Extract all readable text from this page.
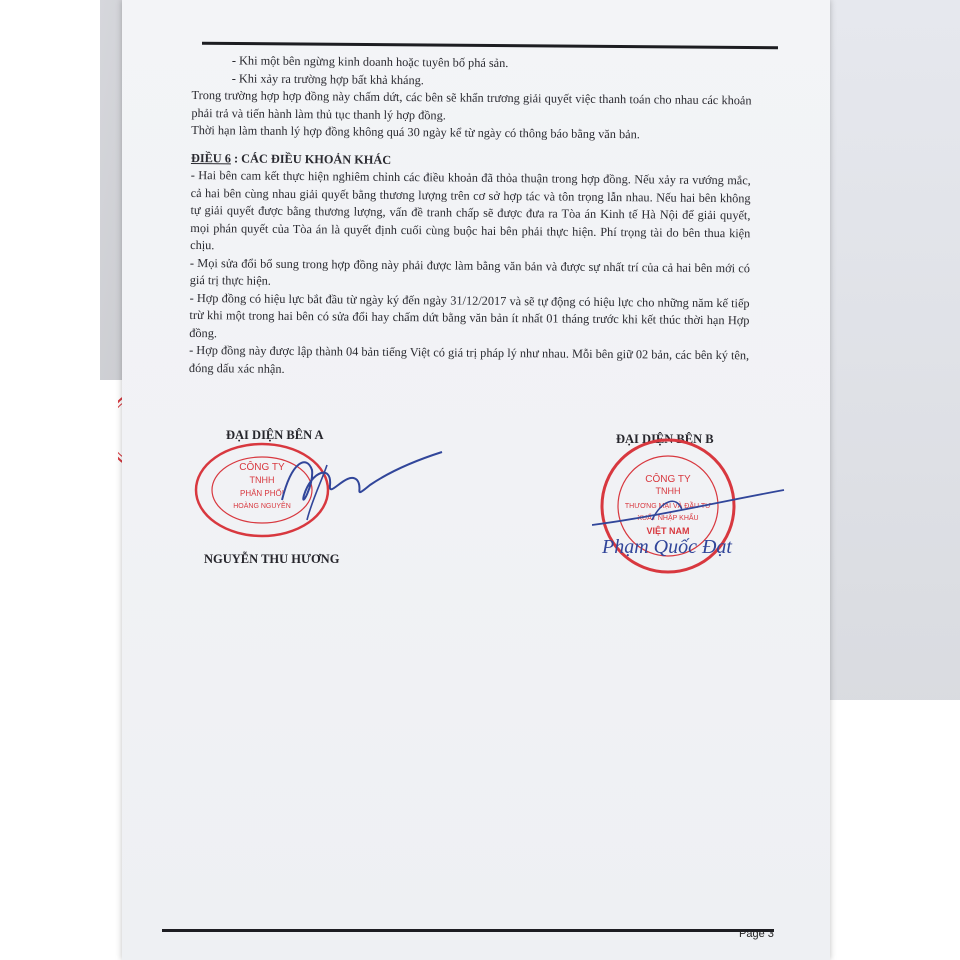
- Khi một bên ngừng kinh doanh hoặc tuyên bố phá sản.

- Khi xảy ra trường hợp bất khả kháng.

Trong trường hợp hợp đồng này chấm dứt, các bên sẽ khẩn trương giải quyết việc thanh toán cho nhau các khoản phải trả và tiến hành làm thủ tục thanh lý hợp đồng.

Thời hạn làm thanh lý hợp đồng không quá 30 ngày kể từ ngày có thông báo bằng văn bản.

ĐIỀU 6 : CÁC ĐIỀU KHOẢN KHÁC

- Hai bên cam kết thực hiện nghiêm chỉnh các điều khoản đã thỏa thuận trong hợp đồng. Nếu xảy ra vướng mắc, cả hai bên cùng nhau giải quyết bằng thương lượng trên cơ sở hợp tác và tôn trọng lẫn nhau. Nếu hai bên không tự giải quyết được bằng thương lượng, vấn đề tranh chấp sẽ được đưa ra Tòa án Kinh tế Hà Nội để giải quyết, mọi phán quyết của Tòa án là quyết định cuối cùng buộc hai bên phải thực hiện. Phí trọng tài do bên thua kiện chịu.

- Mọi sửa đổi bổ sung trong hợp đồng này phải được làm bằng văn bản và được sự nhất trí của cả hai bên mới có giá trị thực hiện.

- Hợp đồng có hiệu lực bắt đầu từ ngày ký đến ngày 31/12/2017 và sẽ tự động có hiệu lực cho những năm kế tiếp trừ khi một trong hai bên có sửa đổi hay chấm dứt bằng văn bản ít nhất 01 tháng trước khi kết thúc thời hạn Hợp đồng.

- Hợp đồng này được lập thành 04 bản tiếng Việt có giá trị pháp lý như nhau. Mỗi bên giữ 02 bản, các bên ký tên, đóng dấu xác nhận.

ĐẠI DIỆN BÊN A	ĐẠI DIỆN BÊN B
CÔNG TY
TNHH
PHÂN PHỐI
HOÀNG NGUYÊN
NGUYỄN THU HƯƠNG
CÔNG TY
TNHH
THƯƠNG MẠI VÀ ĐẦU TƯ
XUẤT NHẬP KHẨU
VIỆT NAM
Phạm Quốc Đạt
Page 3
